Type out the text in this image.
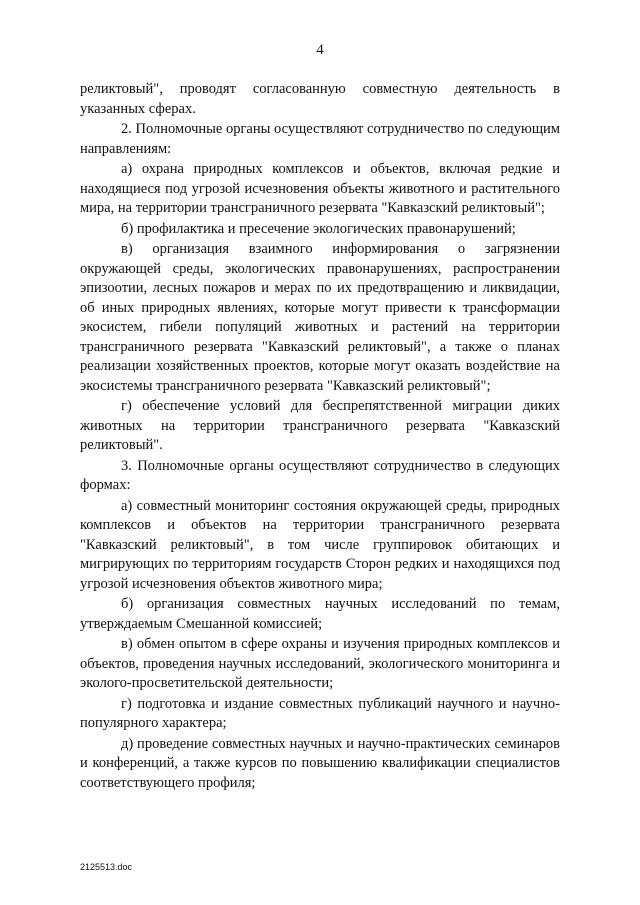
4

реликтовый", проводят согласованную совместную деятельность в указанных сферах.

2. Полномочные органы осуществляют сотрудничество по следующим направлениям:

а) охрана природных комплексов и объектов, включая редкие и находящиеся под угрозой исчезновения объекты животного и растительного мира, на территории трансграничного резервата "Кавказский реликтовый";

б) профилактика и пресечение экологических правонарушений;

в) организация взаимного информирования о загрязнении окружающей среды, экологических правонарушениях, распространении эпизоотии, лесных пожаров и мерах по их предотвращению и ликвидации, об иных природных явлениях, которые могут привести к трансформации экосистем, гибели популяций животных и растений на территории трансграничного резервата "Кавказский реликтовый", а также о планах реализации хозяйственных проектов, которые могут оказать воздействие на экосистемы трансграничного резервата "Кавказский реликтовый";

г) обеспечение условий для беспрепятственной миграции диких животных на территории трансграничного резервата "Кавказский реликтовый".

3. Полномочные органы осуществляют сотрудничество в следующих формах:

а) совместный мониторинг состояния окружающей среды, природных комплексов и объектов на территории трансграничного резервата "Кавказский реликтовый", в том числе группировок обитающих и мигрирующих по территориям государств Сторон редких и находящихся под угрозой исчезновения объектов животного мира;

б) организация совместных научных исследований по темам, утверждаемым Смешанной комиссией;

в) обмен опытом в сфере охраны и изучения природных комплексов и объектов, проведения научных исследований, экологического мониторинга и эколого-просветительской деятельности;

г) подготовка и издание совместных публикаций научного и научно-популярного характера;

д) проведение совместных научных и научно-практических семинаров и конференций, а также курсов по повышению квалификации специалистов соответствующего профиля;

2125513.doc
